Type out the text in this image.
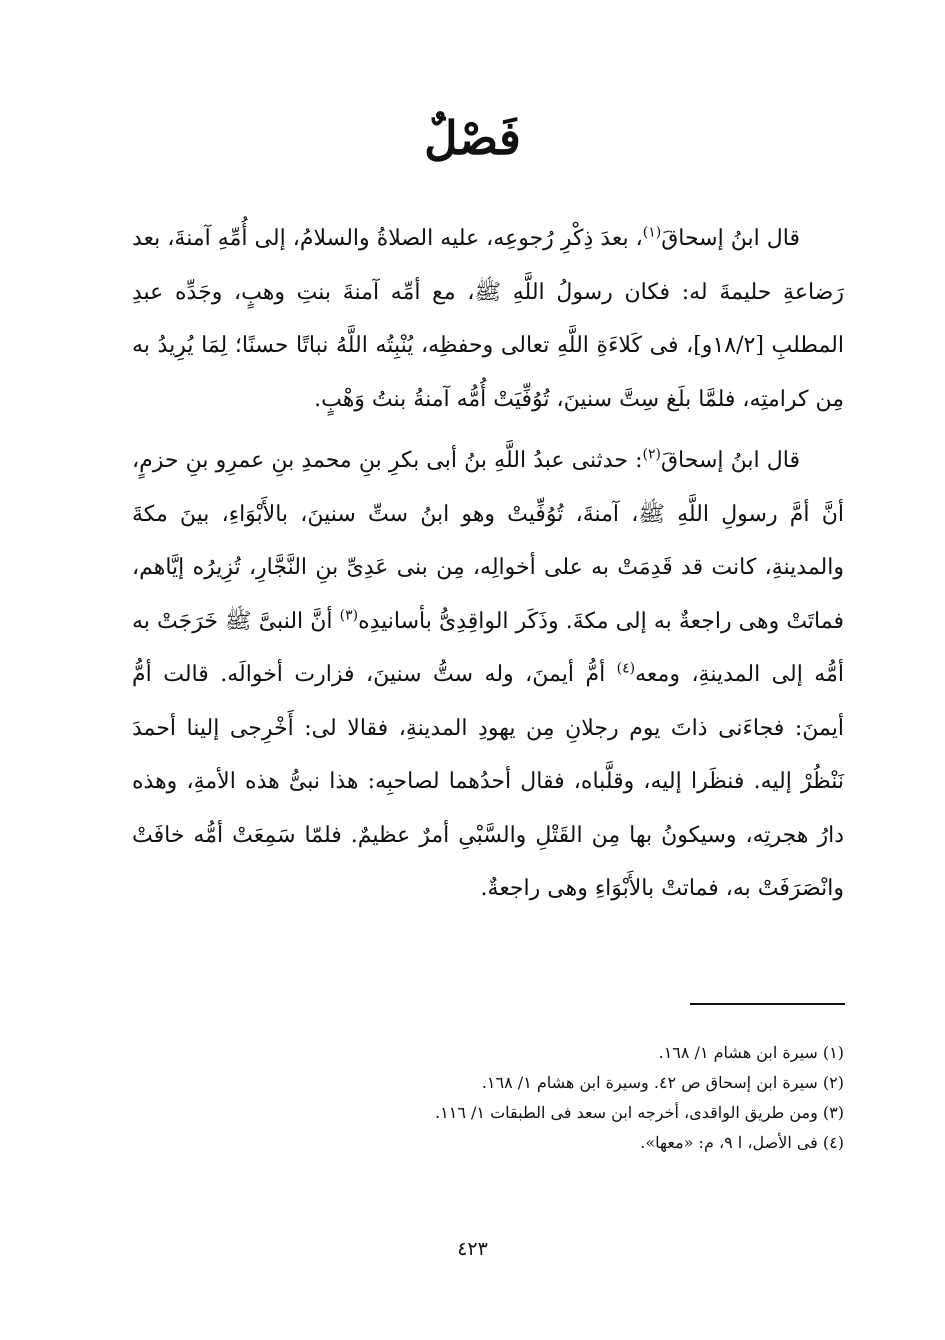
فَصْلٌ

قال ابنُ إسحاقَ$^{(١)}$، بعدَ ذِكْرِ رُجوعِه، عليه الصلاةُ والسلامُ، إلى أُمِّهِ آمنةَ، بعد رَضاعةِ حليمةَ له: فكان رسولُ اللَّهِ ﷺ، مع أمِّه آمنةَ بنتِ وهبٍ، وجَدِّه عبدِ المطلبِ [١٨/٢و]، فى كَلاءَةِ اللَّهِ تعالى وحفظِه، يُنْبِتُه اللَّهُ نباتًا حسنًا؛ لِمَا يُرِيدُ به مِن كرامتِه، فلمَّا بلَغ سِتَّ سنينَ، تُوُفِّيَتْ أُمُّه آمنةُ بنتُ وَهْبٍ.

قال ابنُ إسحاقَ$^{(٢)}$: حدثنى عبدُ اللَّهِ بنُ أبى بكرِ بنِ محمدِ بنِ عمرِو بنِ حزمٍ، أنَّ أمَّ رسولِ اللَّهِ ﷺ، آمنةَ، تُوُفِّيتْ وهو ابنُ ستِّ سنينَ، بالأَبْوَاءِ، بينَ مكةَ والمدينةِ، كانت قد قَدِمَتْ به على أخوالِه، مِن بنى عَدِىِّ بنِ النَّجَّارِ، تُزِيرُه إيَّاهم، فماتَتْ وهى راجعةٌ به إلى مكةَ. وذَكَر الواقِدِىُّ بأسانيدِه$^{(٣)}$ أنَّ النبىَّ ﷺ خَرَجَتْ به أمُّه إلى المدينةِ، ومعه$^{(٤)}$ أمُّ أيمنَ، وله ستُّ سنينَ، فزارت أخوالَه. قالت أمُّ أيمنَ: فجاءَنى ذاتَ يوم رجلانِ مِن يهودِ المدينةِ، فقالا لى: أَخْرِجى إلينا أحمدَ نَنْظُرْ إليه. فنظَرا إليه، وقلَّباه، فقال أحدُهما لصاحبِه: هذا نبىُّ هذه الأمةِ، وهذه دارُ هجرتِه، وسيكونُ بها مِن القَتْلِ والسَّبْىِ أمرٌ عظيمٌ. فلمّا سَمِعَتْ أمُّه خافَتْ وانْصَرَفَتْ به، فماتتْ بالأَبْوَاءِ وهى راجعةٌ.

(١) سيرة ابن هشام ١/ ١٦٨.
(٢) سيرة ابن إسحاق ص ٤٢. وسيرة ابن هشام ١/ ١٦٨.
(٣) ومن طريق الواقدى، أخرجه ابن سعد فى الطبقات ١/ ١١٦.
(٤) فى الأصل، ا ٩، م: «معها».
٤٢٣
